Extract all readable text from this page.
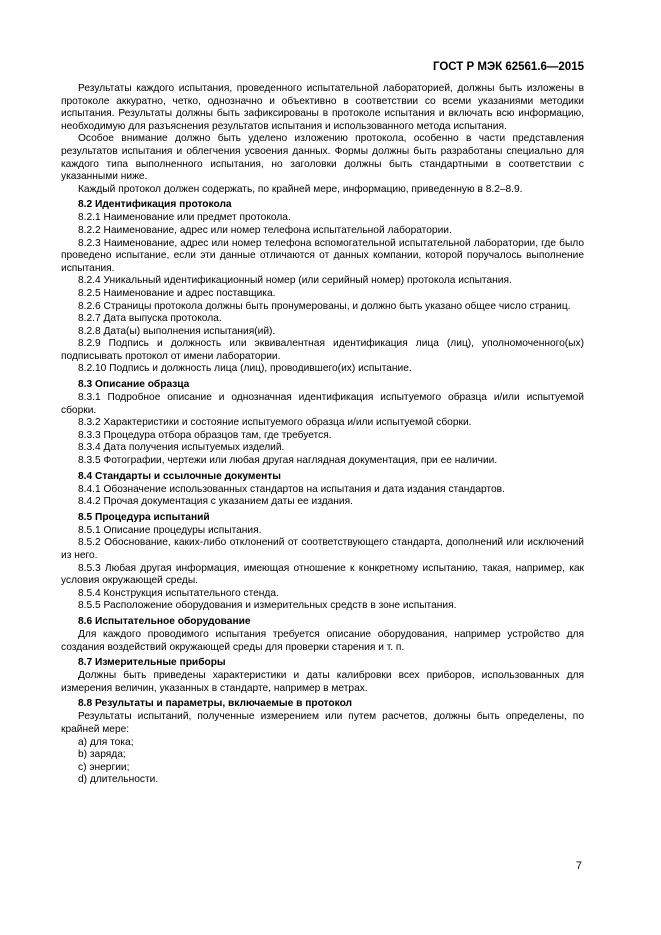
ГОСТ Р МЭК 62561.6—2015

Результаты каждого испытания, проведенного испытательной лабораторией, должны быть изложены в протоколе аккуратно, четко, однозначно и объективно в соответствии со всеми указаниями методики испытания. Результаты должны быть зафиксированы в протоколе испытания и включать всю информацию, необходимую для разъяснения результатов испытания и использованного метода испытания.

Особое внимание должно быть уделено изложению протокола, особенно в части представления результатов испытания и облегчения усвоения данных. Формы должны быть разработаны специально для каждого типа выполненного испытания, но заголовки должны быть стандартными в соответствии с указанными ниже.

Каждый протокол должен содержать, по крайней мере, информацию, приведенную в 8.2–8.9.

8.2 Идентификация протокола

8.2.1 Наименование или предмет протокола.

8.2.2 Наименование, адрес или номер телефона испытательной лаборатории.

8.2.3 Наименование, адрес или номер телефона вспомогательной испытательной лаборатории, где было проведено испытание, если эти данные отличаются от данных компании, которой поручалось выполнение испытания.

8.2.4 Уникальный идентификационный номер (или серийный номер) протокола испытания.

8.2.5 Наименование и адрес поставщика.

8.2.6 Страницы протокола должны быть пронумерованы, и должно быть указано общее число страниц.

8.2.7 Дата выпуска протокола.

8.2.8 Дата(ы) выполнения испытания(ий).

8.2.9 Подпись и должность или эквивалентная идентификация лица (лиц), уполномоченного(ых) подписывать протокол от имени лаборатории.

8.2.10 Подпись и должность лица (лиц), проводившего(их) испытание.

8.3 Описание образца

8.3.1 Подробное описание и однозначная идентификация испытуемого образца и/или испытуемой сборки.

8.3.2 Характеристики и состояние испытуемого образца и/или испытуемой сборки.

8.3.3 Процедура отбора образцов там, где требуется.

8.3.4 Дата получения испытуемых изделий.

8.3.5 Фотографии, чертежи или любая другая наглядная документация, при ее наличии.

8.4 Стандарты и ссылочные документы

8.4.1 Обозначение использованных стандартов на испытания и дата издания стандартов.

8.4.2 Прочая документация с указанием даты ее издания.

8.5 Процедура испытаний

8.5.1 Описание процедуры испытания.

8.5.2 Обоснование, каких-либо отклонений от соответствующего стандарта, дополнений или исключений из него.

8.5.3 Любая другая информация, имеющая отношение к конкретному испытанию, такая, например, как условия окружающей среды.

8.5.4 Конструкция испытательного стенда.

8.5.5 Расположение оборудования и измерительных средств в зоне испытания.

8.6 Испытательное оборудование

Для каждого проводимого испытания требуется описание оборудования, например устройство для создания воздействий окружающей среды для проверки старения и т. п.

8.7 Измерительные приборы

Должны быть приведены характеристики и даты калибровки всех приборов, использованных для измерения величин, указанных в стандарте, например в метрах.

8.8 Результаты и параметры, включаемые в протокол

Результаты испытаний, полученные измерением или путем расчетов, должны быть определены, по крайней мере:

а) для тока;

b) заряда;

c) энергии;

d) длительности.

7
